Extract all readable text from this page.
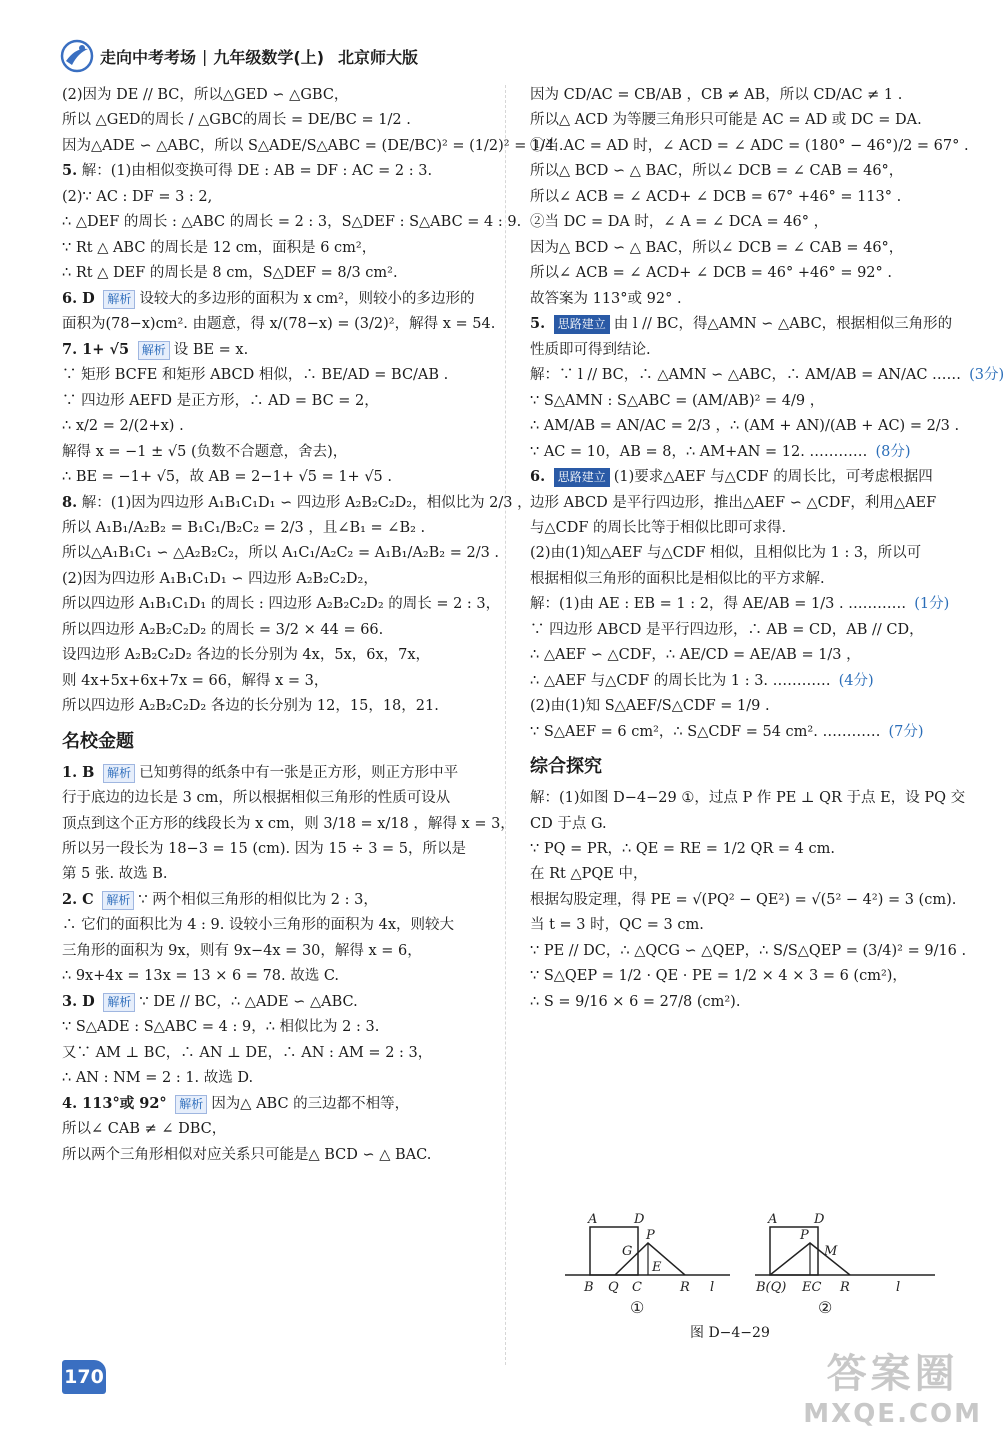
走向中考考场 | 九年级数学(上) 北京师大版
(2)因为 DE // BC，所以△GED ∽ △GBC，
所以 △GED的周长 / △GBC的周长 = DE/BC = 1/2 .
因为△ADE ∽ △ABC，所以 S△ADE/S△ABC = (DE/BC)² = (1/2)² = 1/4 .
5. 解：(1)由相似变换可得 DE : AB = DF : AC = 2 : 3.
(2)∵ AC : DF = 3 : 2,
∴ △DEF 的周长 : △ABC 的周长 = 2 : 3，S△DEF : S△ABC = 4 : 9.
∵ Rt △ ABC 的周长是 12 cm，面积是 6 cm²，
∴ Rt △ DEF 的周长是 8 cm，S△DEF = 8/3 cm².
6. D 解析 设较大的多边形的面积为 x cm²，则较小的多边形的
面积为(78−x)cm². 由题意，得 x/(78−x) = (3/2)²，解得 x = 54.
7. 1+ √5 解析 设 BE = x.
∵ 矩形 BCFE 和矩形 ABCD 相似，∴ BE/AD = BC/AB .
∵ 四边形 AEFD 是正方形，∴ AD = BC = 2，
∴ x/2 = 2/(2+x) .
解得 x = −1 ± √5 (负数不合题意，舍去)，
∴ BE = −1+ √5，故 AB = 2−1+ √5 = 1+ √5 .
8. 解：(1)因为四边形 A₁B₁C₁D₁ ∽ 四边形 A₂B₂C₂D₂，相似比为 2/3 ，
所以 A₁B₁/A₂B₂ = B₁C₁/B₂C₂ = 2/3 ，且∠B₁ = ∠B₂ .
所以△A₁B₁C₁ ∽ △A₂B₂C₂，所以 A₁C₁/A₂C₂ = A₁B₁/A₂B₂ = 2/3 .
(2)因为四边形 A₁B₁C₁D₁ ∽ 四边形 A₂B₂C₂D₂，
所以四边形 A₁B₁C₁D₁ 的周长 : 四边形 A₂B₂C₂D₂ 的周长 = 2 : 3，
所以四边形 A₂B₂C₂D₂ 的周长 = 3/2 × 44 = 66.
设四边形 A₂B₂C₂D₂ 各边的长分别为 4x，5x，6x，7x，
则 4x+5x+6x+7x = 66，解得 x = 3，
所以四边形 A₂B₂C₂D₂ 各边的长分别为 12，15，18，21.
名校金题
1. B 解析 已知剪得的纸条中有一张是正方形，则正方形中平
行于底边的边长是 3 cm，所以根据相似三角形的性质可设从
顶点到这个正方形的线段长为 x cm，则 3/18 = x/18 ，解得 x = 3，
所以另一段长为 18−3 = 15 (cm). 因为 15 ÷ 3 = 5，所以是
第 5 张. 故选 B.
2. C 解析 ∵ 两个相似三角形的相似比为 2 : 3，
∴ 它们的面积比为 4 : 9. 设较小三角形的面积为 4x，则较大
三角形的面积为 9x，则有 9x−4x = 30，解得 x = 6，
∴ 9x+4x = 13x = 13 × 6 = 78. 故选 C.
3. D 解析 ∵ DE // BC，∴ △ADE ∽ △ABC.
∵ S△ADE : S△ABC = 4 : 9，∴ 相似比为 2 : 3.
又∵ AM ⊥ BC，∴ AN ⊥ DE，∴ AN : AM = 2 : 3，
∴ AN : NM = 2 : 1. 故选 D.
4. 113°或 92° 解析 因为△ ABC 的三边都不相等，
所以∠ CAB ≠ ∠ DBC，
所以两个三角形相似对应关系只可能是△ BCD ∽ △ BAC.
因为 CD/AC = CB/AB ，CB ≠ AB，所以 CD/AC ≠ 1 .
所以△ ACD 为等腰三角形只可能是 AC = AD 或 DC = DA.
①当 AC = AD 时，∠ ACD = ∠ ADC = (180° − 46°)/2 = 67° .
所以△ BCD ∽ △ BAC，所以∠ DCB = ∠ CAB = 46°，
所以∠ ACB = ∠ ACD+ ∠ DCB = 67° +46° = 113° .
②当 DC = DA 时，∠ A = ∠ DCA = 46° ，
因为△ BCD ∽ △ BAC，所以∠ DCB = ∠ CAB = 46°，
所以∠ ACB = ∠ ACD+ ∠ DCB = 46° +46° = 92° .
故答案为 113°或 92° .
5. 思路建立 由 l // BC，得△AMN ∽ △ABC，根据相似三角形的
性质即可得到结论.
解：∵ l // BC，∴ △AMN ∽ △ABC，∴ AM/AB = AN/AC …… (3分)
∵ S△AMN : S△ABC = (AM/AB)² = 4/9 ，
∴ AM/AB = AN/AC = 2/3 ，∴ (AM + AN)/(AB + AC) = 2/3 .
∵ AC = 10，AB = 8，∴ AM+AN = 12. ………… (8分)
6. 思路建立 (1)要求△AEF 与△CDF 的周长比，可考虑根据四
边形 ABCD 是平行四边形，推出△AEF ∽ △CDF，利用△AEF
与△CDF 的周长比等于相似比即可求得.
(2)由(1)知△AEF 与△CDF 相似，且相似比为 1 : 3，所以可
根据相似三角形的面积比是相似比的平方求解.
解：(1)由 AE : EB = 1 : 2，得 AE/AB = 1/3 . ………… (1分)
∵ 四边形 ABCD 是平行四边形，∴ AB = CD，AB // CD，
∴ △AEF ∽ △CDF，∴ AE/CD = AE/AB = 1/3 ，
∴ △AEF 与△CDF 的周长比为 1 : 3. ………… (4分)
(2)由(1)知 S△AEF/S△CDF = 1/9 .
∵ S△AEF = 6 cm²，∴ S△CDF = 54 cm². ………… (7分)
综合探究
解：(1)如图 D−4−29 ①，过点 P 作 PE ⊥ QR 于点 E，设 PQ 交
CD 于点 G.
∵ PQ = PR，∴ QE = RE = 1/2 QR = 4 cm.
在 Rt △PQE 中，
根据勾股定理，得 PE = √(PQ² − QE²) = √(5² − 4²) = 3 (cm).
当 t = 3 时，QC = 3 cm.
∵ PE // DC，∴ △QCG ∽ △QEP，∴ S/S△QEP = (3/4)² = 9/16 .
∵ S△QEP = 1/2 · QE · PE = 1/2 × 4 × 3 = 6 (cm²)，
∴ S = 9/16 × 6 = 27/8 (cm²).
A	D
G
P
E
B Q C	R l
①
A	D
P
M
B(Q) EC R	l
②
图 D−4−29
170	答案圈
MXQE.COM
